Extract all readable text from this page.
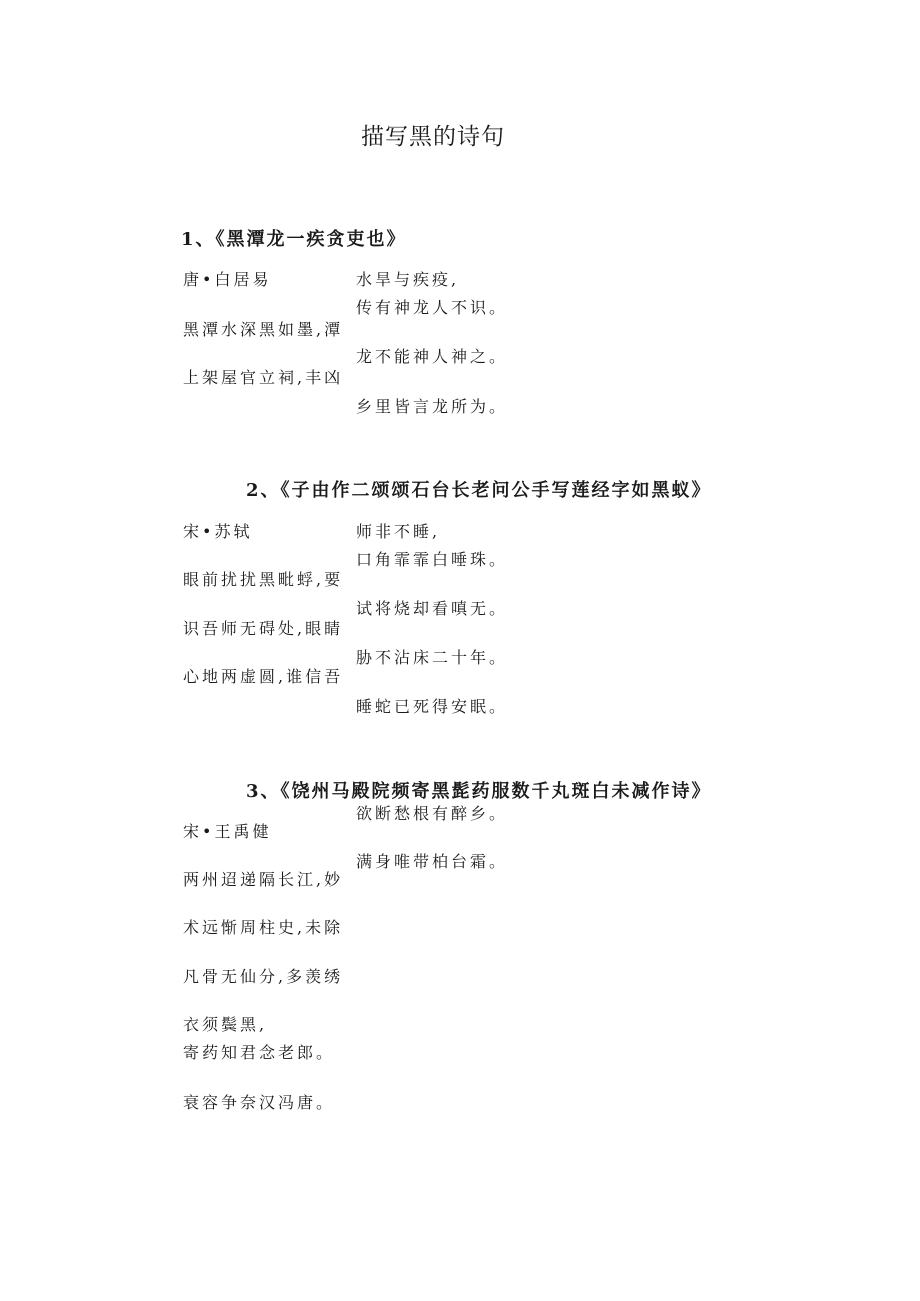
描写黑的诗句
1、《黑潭龙一疾贪吏也》
唐•白居易
黑潭水深黑如墨,潭
上架屋官立祠,丰凶
水旱与疾疫,
传有神龙人不识。
龙不能神人神之。
乡里皆言龙所为。
2、《子由作二颂颂石台长老问公手写莲经字如黑蚁》
宋•苏轼
眼前扰扰黑毗蜉,要
识吾师无碍处,眼睛
心地两虚圆,谁信吾
师非不睡,
口角霏霏白唾珠。
试将烧却看嗔无。
胁不沾床二十年。
睡蛇已死得安眠。
3、《饶州马殿院频寄黑髭药服数千丸斑白未减作诗》
宋•王禹健
两州迢递隔长江,妙
术远惭周柱史,未除
凡骨无仙分,多羡绣
衣须鬓黑,
寄药知君念老郎。
衰容争奈汉冯唐。
欲断愁根有醉乡。
满身唯带柏台霜。
